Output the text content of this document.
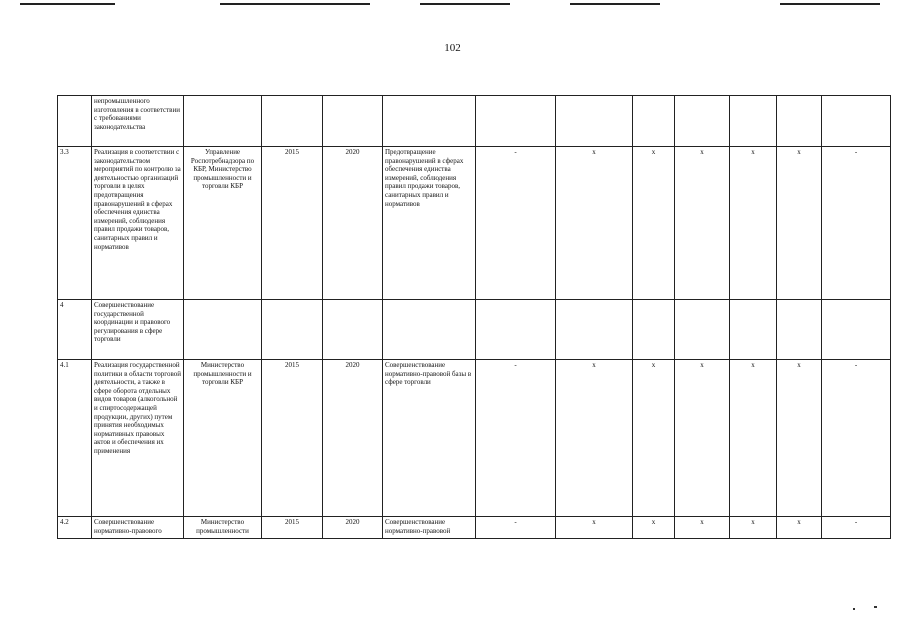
102
	непромышленного изготовления в соответствии с требованиями законодательства											
3.3	Реализация в соответствии с законодательством мероприятий по контролю за деятельностью организаций торговли в целях предотвращения правонарушений в сферах обеспечения единства измерений, соблюдения правил продажи товаров, санитарных правил и нормативов	Управление Роспотребнадзора по КБР, Министерство промышленности и торговли КБР	2015	2020	Предотвращение правонарушений в сферах обеспечения единства измерений, соблюдения правил продажи товаров, санитарных правил и нормативов	-	x	x	x	x	x	-
4	Совершенствование государственной координации и правового регулирования в сфере торговли											
4.1	Реализация государственной политики в области торговой деятельности, а также в сфере оборота отдельных видов товаров (алкогольной и спиртосодержащей продукции, других) путем принятия необходимых нормативных правовых актов и обеспечения их применения	Министерство промышленности и торговли КБР	2015	2020	Совершенствование нормативно-правовой базы в сфере торговли	-	x	x	x	x	x	-
4.2	Совершенствование нормативно-правового	Министерство промышленности	2015	2020	Совершенствование нормативно-правовой	-	x	x	x	x	x	-
